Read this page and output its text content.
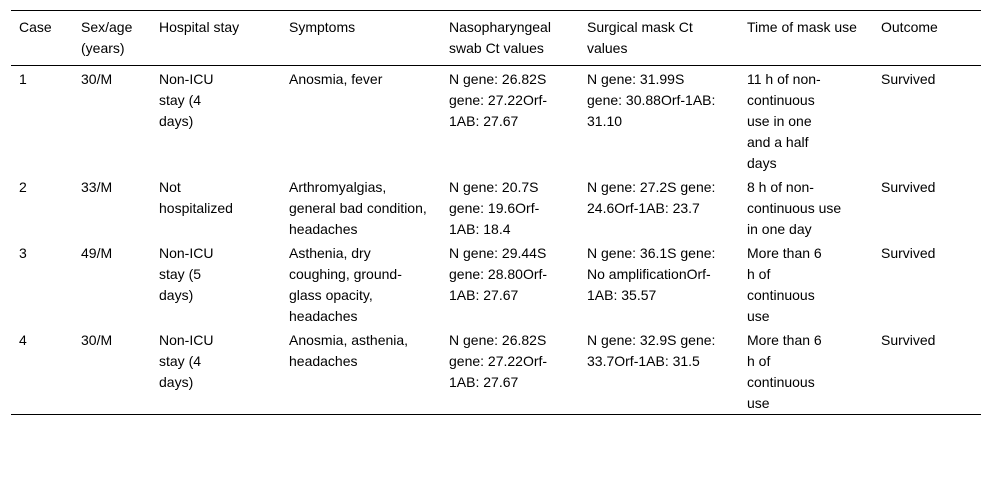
Case	Sex/age (years)	Hospital stay	Symptoms	Nasopharyngeal swab Ct values	Surgical mask Ct values	Time of mask use	Outcome
1	30/M	Non-ICU stay (4 days)	Anosmia, fever	N gene: 26.82S gene: 27.22Orf-1AB: 27.67	N gene: 31.99S gene: 30.88Orf-1AB: 31.10	11 h of non-continuous use in one and a half days	Survived
2	33/M	Not hospitalized	Arthromyalgias, general bad condition, headaches	N gene: 20.7S gene: 19.6Orf-1AB: 18.4	N gene: 27.2S gene: 24.6Orf-1AB: 23.7	8 h of non-continuous use in one day	Survived
3	49/M	Non-ICU stay (5 days)	Asthenia, dry coughing, ground-glass opacity, headaches	N gene: 29.44S gene: 28.80Orf-1AB: 27.67	N gene: 36.1S gene: No amplificationOrf-1AB: 35.57	More than 6 h of continuous use	Survived
4	30/M	Non-ICU stay (4 days)	Anosmia, asthenia, headaches	N gene: 26.82S gene: 27.22Orf-1AB: 27.67	N gene: 32.9S gene: 33.7Orf-1AB: 31.5	More than 6 h of continuous use	Survived
